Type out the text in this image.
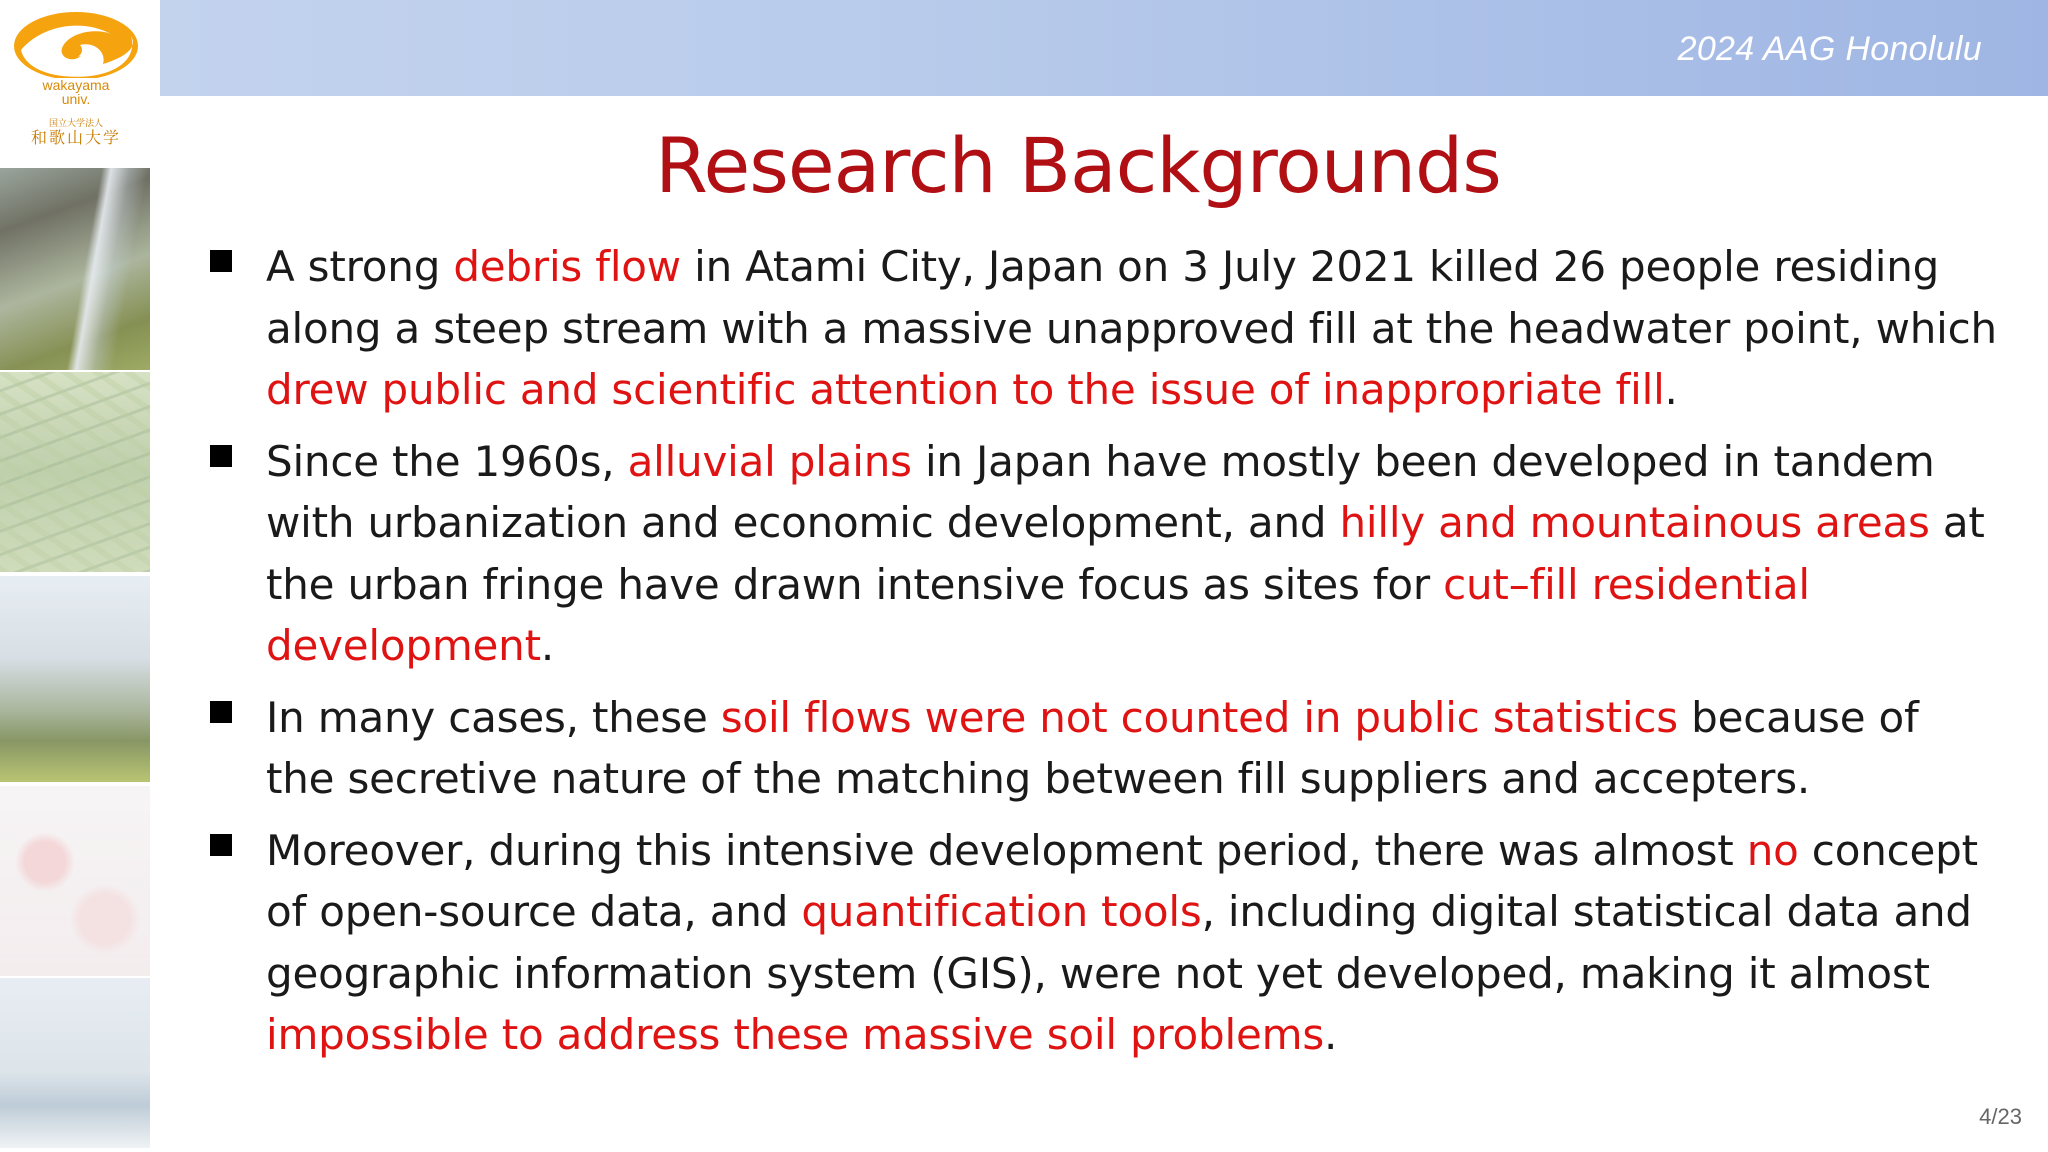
2024 AAG Honolulu
wakayama
univ.
国立大学法人
和歌山大学	Research Backgrounds
A strong debris flow in Atami City, Japan on 3 July 2021 killed 26 people residing along a steep stream with a massive unapproved fill at the headwater point, which drew public and scientific attention to the issue of inappropriate fill.
Since the 1960s, alluvial plains in Japan have mostly been developed in tandem with urbanization and economic development, and hilly and mountainous areas at the urban fringe have drawn intensive focus as sites for cut–fill residential development.
In many cases, these soil flows were not counted in public statistics because of the secretive nature of the matching between fill suppliers and accepters.
Moreover, during this intensive development period, there was almost no concept of open-source data, and quantification tools, including digital statistical data and geographic information system (GIS), were not yet developed, making it almost impossible to address these massive soil problems.
4/23
